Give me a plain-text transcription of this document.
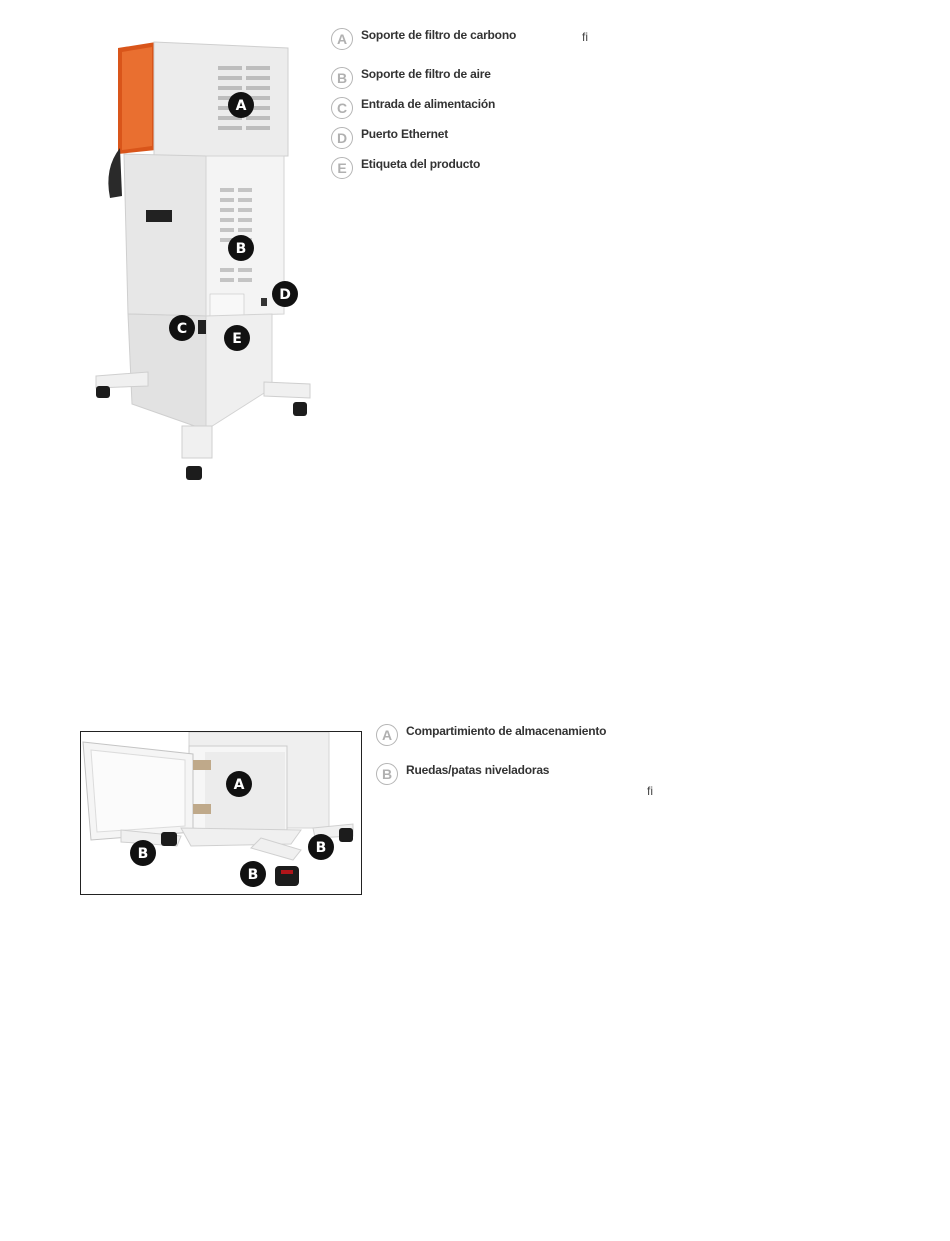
A
B
C
D
E
A	Soporte de filtro de carbono	fi
B	Soporte de filtro de aire
C	Entrada de alimentación
D	Puerto Ethernet
E	Etiqueta del producto
A
B	B
B
A	Compartimiento de almacenamiento
B	Ruedas/patas niveladoras
fi
